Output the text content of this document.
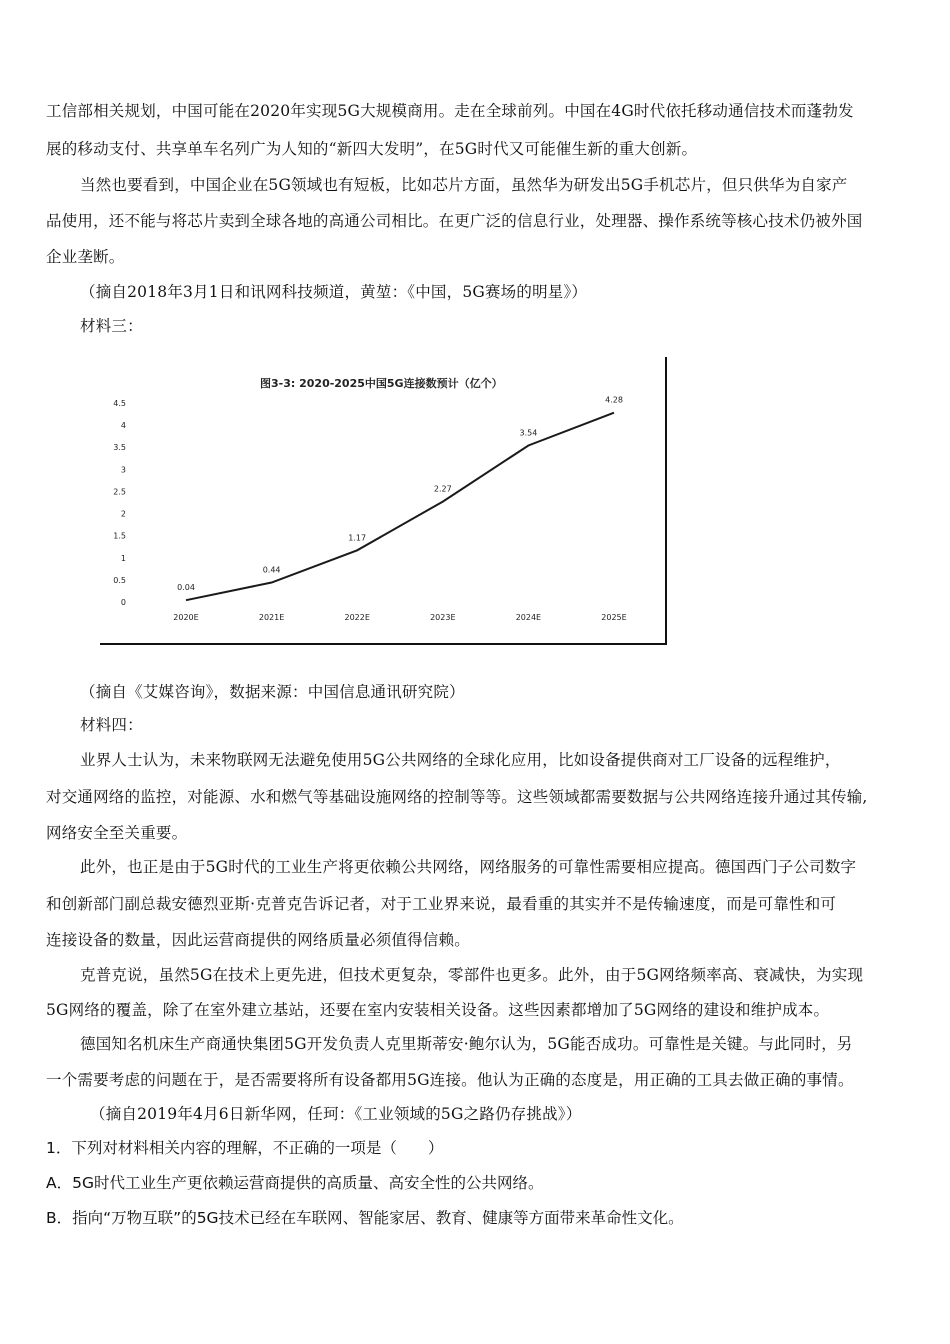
工信部相关规划，中国可能在2020年实现5G大规模商用。走在全球前列。中国在4G时代依托移动通信技术而蓬勃发
展的移动支付、共享单车名列广为人知的“新四大发明”，在5G时代又可能催生新的重大创新。
当然也要看到，中国企业在5G领域也有短板，比如芯片方面，虽然华为研发出5G手机芯片，但只供华为自家产
品使用，还不能与将芯片卖到全球各地的高通公司相比。在更广泛的信息行业，处理器、操作系统等核心技术仍被外国
企业垄断。
（摘自2018年3月1日和讯网科技频道，黄堃：《中国，5G赛场的明星》）
材料三：
图3-3: 2020-2025中国5G连接数预计（亿个）
0
0.5
1
1.5
2
2.5
3
3.5
4
4.5
2020E	2021E	2022E	2023E	2024E	2025E
0.04
0.44
1.17
2.27
3.54
4.28
（摘自《艾媒咨询》，数据来源：中国信息通讯研究院）
材料四：
业界人士认为，未来物联网无法避免使用5G公共网络的全球化应用，比如设备提供商对工厂设备的远程维护，
对交通网络的监控，对能源、水和燃气等基础设施网络的控制等等。这些领域都需要数据与公共网络连接升通过其传输,
网络安全至关重要。
此外，也正是由于5G时代的工业生产将更依赖公共网络，网络服务的可靠性需要相应提高。德国西门子公司数字
和创新部门副总裁安德烈亚斯·克普克告诉记者，对于工业界来说，最看重的其实并不是传输速度，而是可靠性和可
连接设备的数量，因此运营商提供的网络质量必须值得信赖。
克普克说，虽然5G在技术上更先进，但技术更复杂，零部件也更多。此外，由于5G网络频率高、衰减快，为实现
5G网络的覆盖，除了在室外建立基站，还要在室内安装相关设备。这些因素都增加了5G网络的建设和维护成本。
德国知名机床生产商通快集团5G开发负责人克里斯蒂安·鲍尔认为，5G能否成功。可靠性是关键。与此同时，另
一个需要考虑的问题在于，是否需要将所有设备都用5G连接。他认为正确的态度是，用正确的工具去做正确的事情。
（摘自2019年4月6日新华网，任珂：《工业领域的5G之路仍存挑战》）
1．下列对材料相关内容的理解，不正确的一项是（　　）
A．5G时代工业生产更依赖运营商提供的高质量、高安全性的公共网络。
B．指向“万物互联”的5G技术已经在车联网、智能家居、教育、健康等方面带来革命性文化。
